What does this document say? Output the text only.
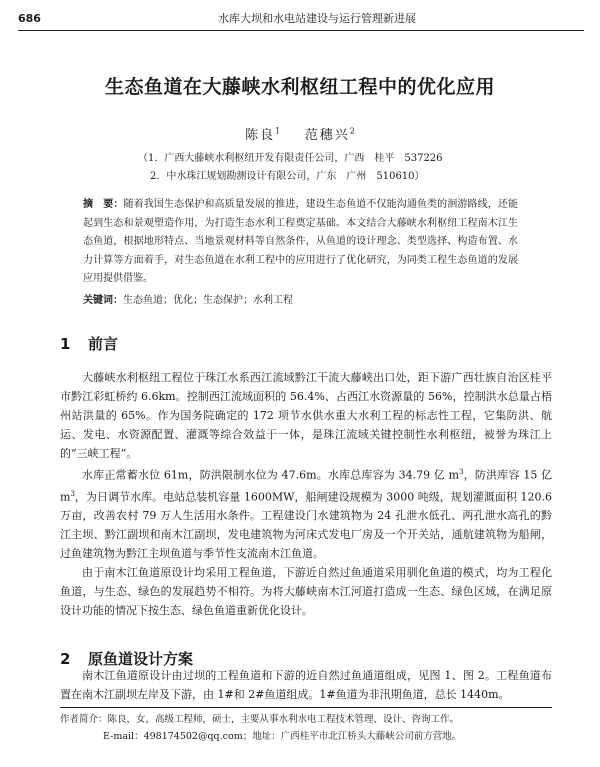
686	水库大坝和水电站建设与运行管理新进展
生态鱼道在大藤峡水利枢纽工程中的优化应用
陈良$^1$ 范穗兴$^2$
（1．广西大藤峡水利枢纽开发有限责任公司，广西　桂平　537226
2．中水珠江规划勘测设计有限公司，广东　广州　510610）
摘　要：随着我国生态保护和高质量发展的推进，建设生态鱼道不仅能沟通鱼类的洄游路线，还能起到生态和景观塑造作用，为打造生态水利工程奠定基础。本文结合大藤峡水利枢纽工程南木江生态鱼道，根据地形特点、当地景观材料等自然条件，从鱼道的设计理念、类型选择、构造布置、水力计算等方面着手，对生态鱼道在水利工程中的应用进行了优化研究，为同类工程生态鱼道的发展应用提供借鉴。
关键词：生态鱼道；优化；生态保护；水利工程
1 前言

大藤峡水利枢纽工程位于珠江水系西江流域黔江干流大藤峡出口处，距下游广西壮族自治区桂平市黔江彩虹桥约 6.6km。控制西江流域面积的 56.4%、占西江水资源量的 56%，控制洪水总量占梧州站洪量的 65%。作为国务院确定的 172 项节水供水重大水利工程的标志性工程，它集防洪、航运、发电、水资源配置、灌溉等综合效益于一体，是珠江流域关键控制性水利枢纽，被誉为珠江上的“三峡工程”。

水库正常蓄水位 61m，防洪限制水位为 47.6m。水库总库容为 34.79 亿 $m^3$，防洪库容 15 亿 $m^3$，为日调节水库。电站总装机容量 1600MW，船闸建设规模为 3000 吨级，规划灌溉面积 120.6 万亩，改善农村 79 万人生活用水条件。工程建设门水建筑物为 24 孔泄水低孔、两孔泄水高孔的黔江主坝、黔江副坝和南木江副坝，发电建筑物为河床式发电厂房及一个开关站，通航建筑物为船闸，过鱼建筑物为黔江主坝鱼道与季节性支流南木江鱼道。

由于南木江鱼道原设计均采用工程鱼道，下游近自然过鱼通道采用驯化鱼道的模式，均为工程化鱼道，与生态、绿色的发展趋势不相符。为将大藤峡南木江河道打造成一生态、绿色区域，在满足原设计功能的情况下按生态、绿色鱼道重新优化设计。

2 原鱼道设计方案

南木江鱼道原设计由过坝的工程鱼道和下游的近自然过鱼通道组成，见图 1、图 2。工程鱼道布置在南木江副坝左岸及下游，由 1#和 2#鱼道组成。1#鱼道为非汛期鱼道，总长 1440m。

作者简介：陈良，女，高级工程师，硕士，主要从事水利水电工程技术管理、设计、咨询工作。
E-mail：498174502@qq.com；地址：广西桂平市北江桥头大藤峡公司前方营地。
